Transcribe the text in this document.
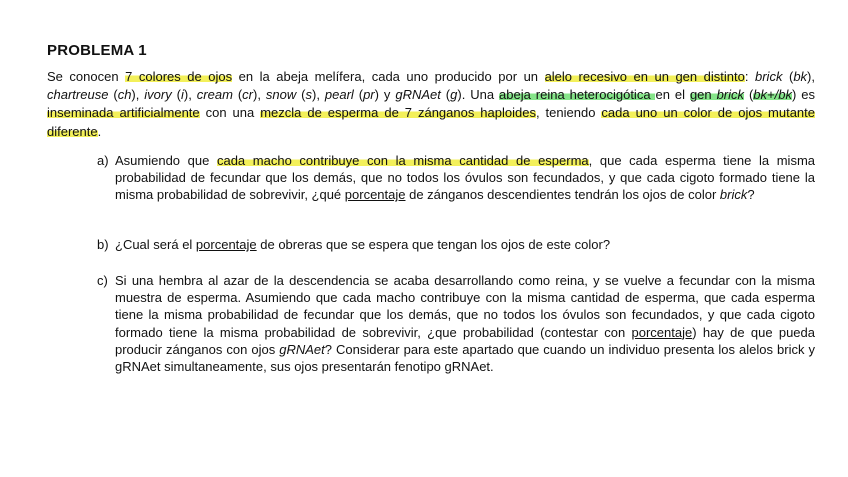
PROBLEMA 1
Se conocen 7 colores de ojos en la abeja melífera, cada uno producido por un alelo recesivo en un gen distinto: brick (bk), chartreuse (ch), ivory (i), cream (cr), snow (s), pearl (pr) y gRNAet (g). Una abeja reina heterocigótica en el gen brick (bk+/bk) es inseminada artificialmente con una mezcla de esperma de 7 zánganos haploides, teniendo cada uno un color de ojos mutante diferente.
a) Asumiendo que cada macho contribuye con la misma cantidad de esperma, que cada esperma tiene la misma probabilidad de fecundar que los demás, que no todos los óvulos son fecundados, y que cada cigoto formado tiene la misma probabilidad de sobrevivir, ¿qué porcentaje de zánganos descendientes tendrán los ojos de color brick?
b) ¿Cual será el porcentaje de obreras que se espera que tengan los ojos de este color?
c) Si una hembra al azar de la descendencia se acaba desarrollando como reina, y se vuelve a fecundar con la misma muestra de esperma. Asumiendo que cada macho contribuye con la misma cantidad de esperma, que cada esperma tiene la misma probabilidad de fecundar que los demás, que no todos los óvulos son fecundados, y que cada cigoto formado tiene la misma probabilidad de sobrevivir, ¿que probabilidad (contestar con porcentaje) hay de que pueda producir zánganos con ojos gRNAet? Considerar para este apartado que cuando un individuo presenta los alelos brick y gRNAet simultaneamente, sus ojos presentarán fenotipo gRNAet.
